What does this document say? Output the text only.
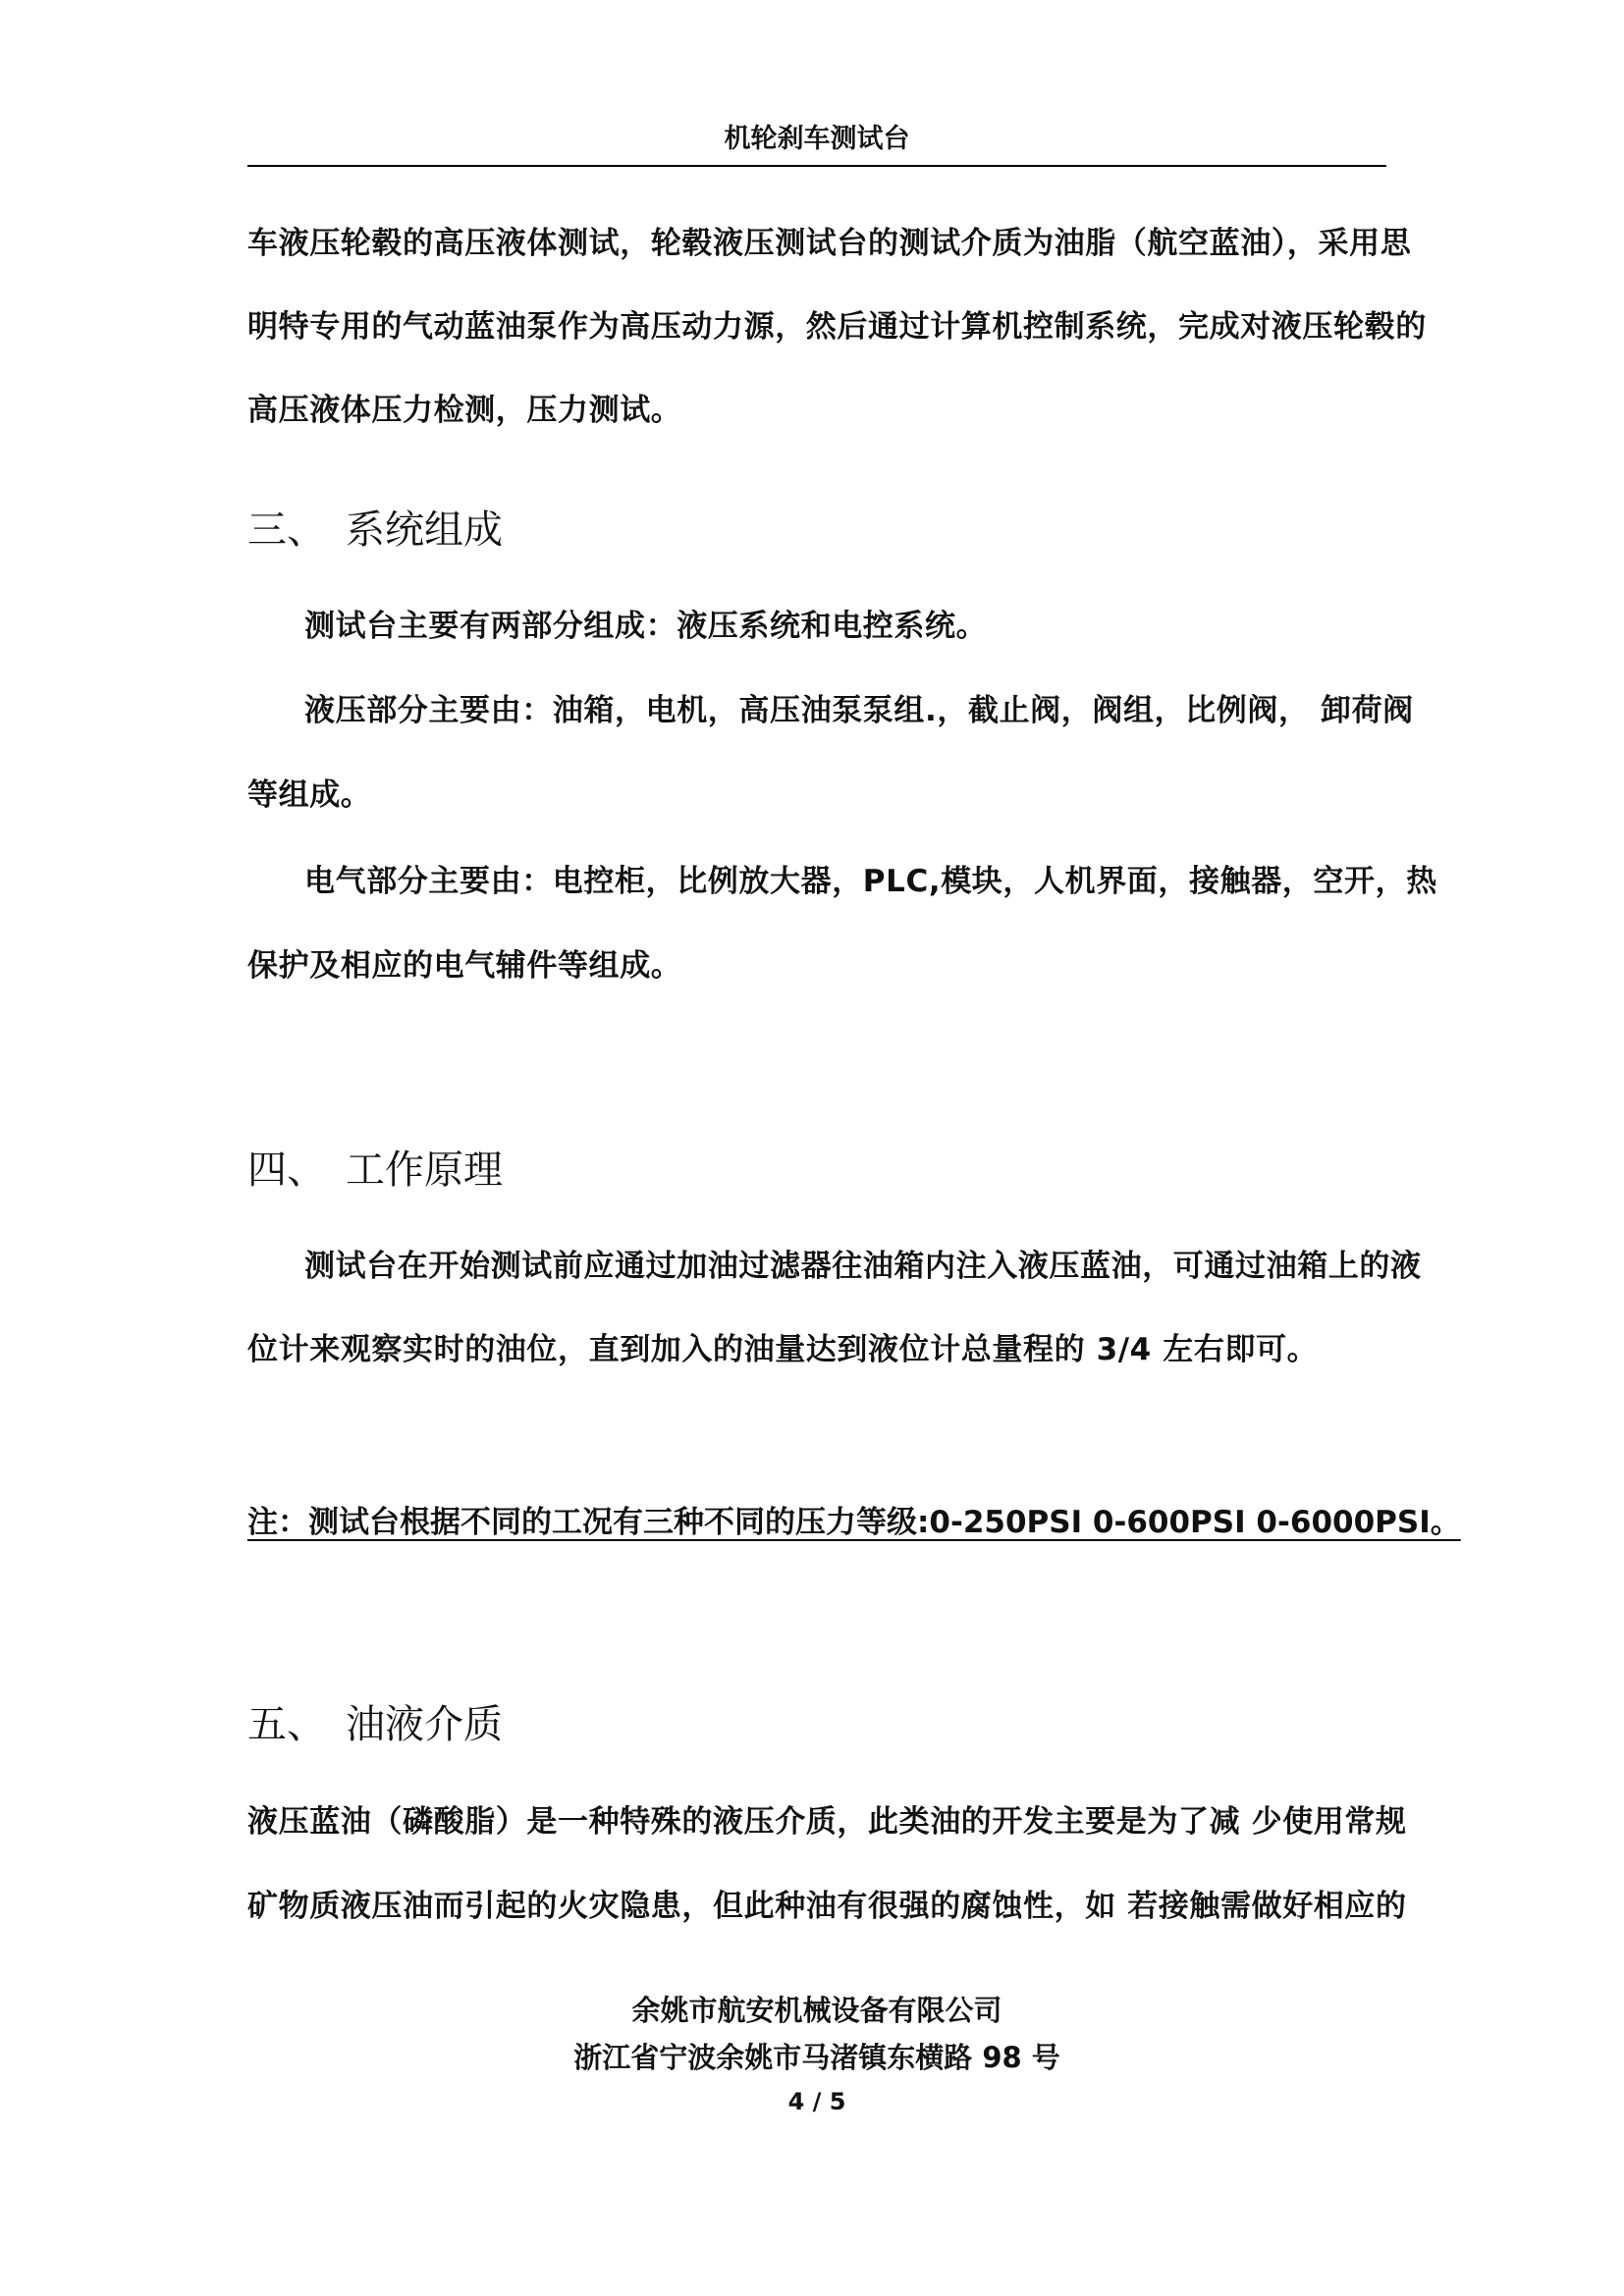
机轮刹车测试台
车液压轮毂的高压液体测试，轮毂液压测试台的测试介质为油脂（航空蓝油），采用思
明特专用的气动蓝油泵作为高压动力源，然后通过计算机控制系统，完成对液压轮毂的
高压液体压力检测，压力测试。
三、 系统组成
测试台主要有两部分组成：液压系统和电控系统。
液压部分主要由：油箱，电机，高压油泵泵组.，截止阀，阀组，比例阀， 卸荷阀
等组成。
电气部分主要由：电控柜，比例放大器，PLC,模块，人机界面，接触器，空开，热
保护及相应的电气辅件等组成。
四、 工作原理
测试台在开始测试前应通过加油过滤器往油箱内注入液压蓝油，可通过油箱上的液
位计来观察实时的油位，直到加入的油量达到液位计总量程的 3/4 左右即可。
注：测试台根据不同的工况有三种不同的压力等级:0-250PSI 0-600PSI 0-6000PSI。
五、 油液介质
液压蓝油（磷酸脂）是一种特殊的液压介质，此类油的开发主要是为了减 少使用常规
矿物质液压油而引起的火灾隐患，但此种油有很强的腐蚀性，如 若接触需做好相应的
余姚市航安机械设备有限公司
浙江省宁波余姚市马渚镇东横路 98 号
4 / 5
